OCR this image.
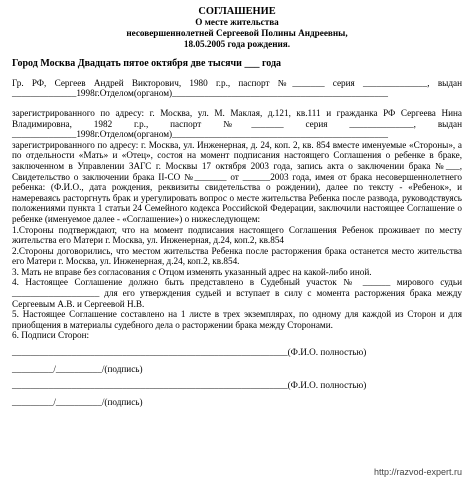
СОГЛАШЕНИЕ
О месте жительства
несовершеннолетней Сергеевой Полины Андреевны,
18.05.2005 года рождения.
Город Москва Двадцать пятое октября две тысячи ___ года

Гр. РФ, Сергеев Андрей Викторович, 1980 г.р., паспорт №_______ серия ______________, выдан ______________1998г.Отделом(органом)_______________________________________________

зарегистрированного по адресу: г. Москва, ул. М. Маклая, д.121, кв.111 и гражданка РФ Сергеева Нина Владимировна, 1982 г.р., паспорт №_______ серия ______________, выдан ______________1998г.Отделом(органом)_______________________________________________

зарегистрированного по адресу: г. Москва, ул. Инженерная, д. 24, коп. 2, кв. 854 вместе именуемые «Стороны», а по отдельности «Мать» и «Отец», состоя на момент подписания настоящего Соглашения о ребенке в браке, заключенном в Управлении ЗАГС г. Москвы 17 октября 2003 года, запись акта о заключении брака №___, Свидетельство о заключении брака II-СО №_______ от ______2003 года, имея от брака несовершеннолетнего ребенка: (Ф.И.О., дата рождения, реквизиты свидетельства о рождении), далее по тексту - «Ребенок», и намереваясь расторгнуть брак и урегулировать вопрос о месте жительства Ребенка после развода, руководствуясь положениями пункта 1 статьи 24 Семейного кодекса Российской Федерации, заключили настоящее Соглашение о ребенке (именуемое далее - «Соглашение») о нижеследующем:

1.Стороны подтверждают, что на момент подписания настоящего Соглашения Ребенок проживает по месту жительства его Матери г. Москва, ул. Инженерная, д.24, коп.2, кв.854

2.Стороны договорились, что местом жительства Ребенка после расторжения брака останется место жительства его Матери г. Москва, ул. Инженерная, д.24, коп.2, кв.854.

3. Мать не вправе без согласования с Отцом изменять указанный адрес на какой-либо иной.

4. Настоящее Соглашение должно быть представлено в Судебный участок № ______ мирового судьи ___________________ для его утверждения судьей и вступает в силу с момента расторжения брака между Сергеевым А.В. и Сергеевой Н.В.

5. Настоящее Соглашение составлено на 1 листе в трех экземплярах, по одному для каждой из Сторон и для приобщения в материалы судебного дела о расторжении брака между Сторонами.

6. Подписи Сторон:

____________________________________________________________(Ф.И.О. полностью)
_________/__________/(подпись)
____________________________________________________________(Ф.И.О. полностью)
_________/__________/(подпись)
http://razvod-expert.ru
